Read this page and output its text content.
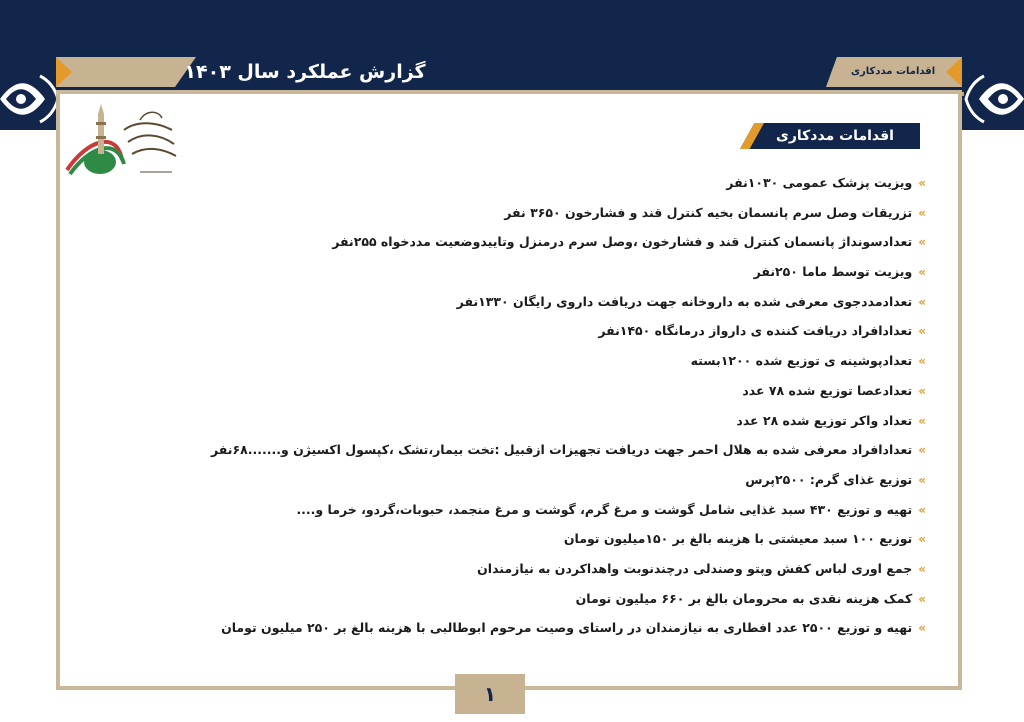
گزارش عملکرد سال ۱۴۰۳	اقدامات مددکاری
اقدامات مددکاری
»ویزیت پزشک عمومی ۱۰۳۰نفر
»تزریقات وصل سرم پانسمان بخیه کنترل قند و فشارخون ۳۶۵۰ نفر
»تعدادسونداژ پانسمان کنترل قند و فشارخون ،وصل سرم درمنزل وتاییدوضعیت مددخواه ۲۵۵نفر
»ویزیت توسط ماما ۲۵۰نفر
»تعدادمددجوی معرفی شده به داروخانه جهت دریافت داروی رایگان ۱۳۳۰نفر
»تعدادافراد دریافت کننده ی دارواز درمانگاه ۱۴۵۰نفر
»تعدادپوشینه ی توزیع شده ۱۲۰۰بسته
»تعدادعصا توزیع شده ۷۸ عدد
»تعداد واکر توزیع شده ۲۸ عدد
»تعدادافراد معرفی شده به هلال احمر جهت دریافت تجهیزات ازقبیل :تخت بیمار،تشک ،کپسول اکسیژن و.......۶۸نفر
»توزیع غذای گرم: ۲۵۰۰پرس
»تهیه و توزیع ۴۳۰ سبد غذایی شامل گوشت و مرغ گرم، گوشت و مرغ منجمد، حبوبات،گردو، خرما و....
»توزیع ۱۰۰ سبد معیشتی با هزینه بالغ بر ۱۵۰میلیون تومان
»جمع اوری لباس کفش وپتو وصندلی درچندنوبت واهداکردن به نیازمندان
»کمک هزینه نقدی به محرومان بالغ بر ۶۶۰ میلیون تومان
»تهیه و توزیع ۲۵۰۰ عدد افطاری به نیازمندان در راستای وصیت مرحوم ابوطالبی با هزینه بالغ بر ۲۵۰ میلیون تومان
۱
